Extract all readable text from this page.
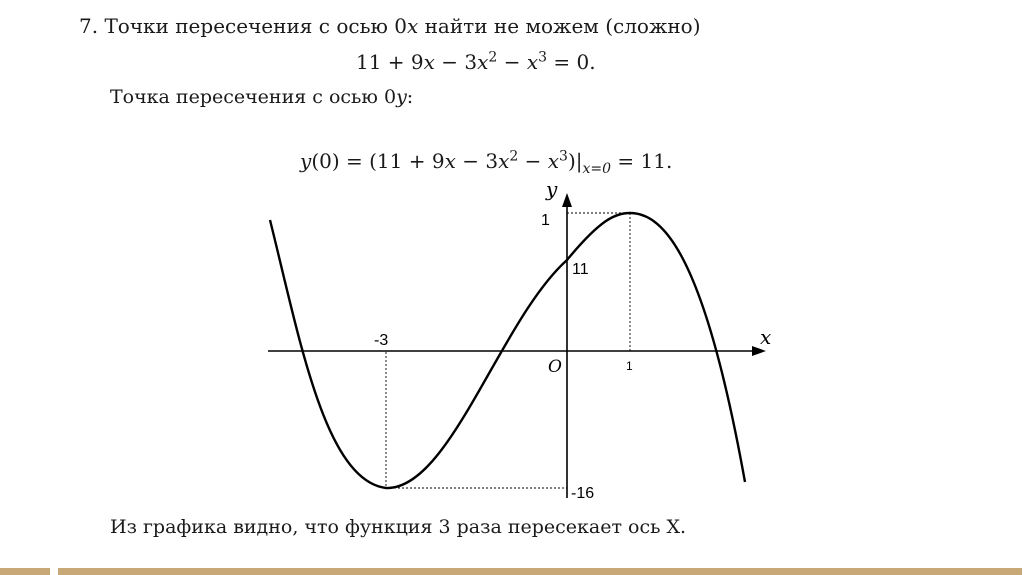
7. Точки пересечения с осью 0x найти не можем (сложно)
$11 + 9x - 3x^2 - x^3 = 0$.
Точка пересечения с осью 0y:
$y(0) = (11 + 9x - 3x^2 - x^3)|_{x=0} = 11$.
x
y
O
-3
1
1
11
-16
Из графика видно, что функция 3 раза пересекает ось X.
